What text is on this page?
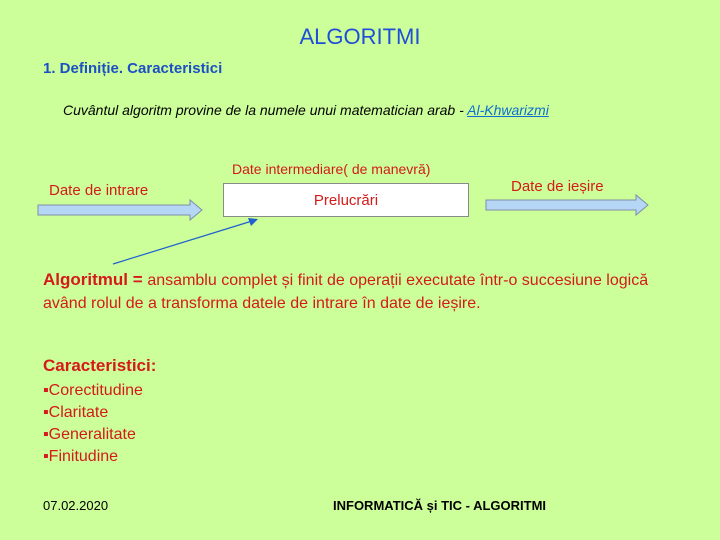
ALGORITMI
1. Definiție. Caracteristici
Cuvântul algoritm provine de la numele unui matematician arab - Al-Khwarizmi
Date intermediare( de manevră)
Date de intrare
Prelucrări
Date de ieșire
Algoritmul = ansamblu complet și finit de operații executate într-o succesiune logică având rolul de a transforma datele de intrare în date de ieșire.
Caracteristici:
▪ Corectitudine
▪ Claritate
▪ Generalitate
▪ Finitudine
07.02.2020	INFORMATICĂ și TIC - ALGORITMI
